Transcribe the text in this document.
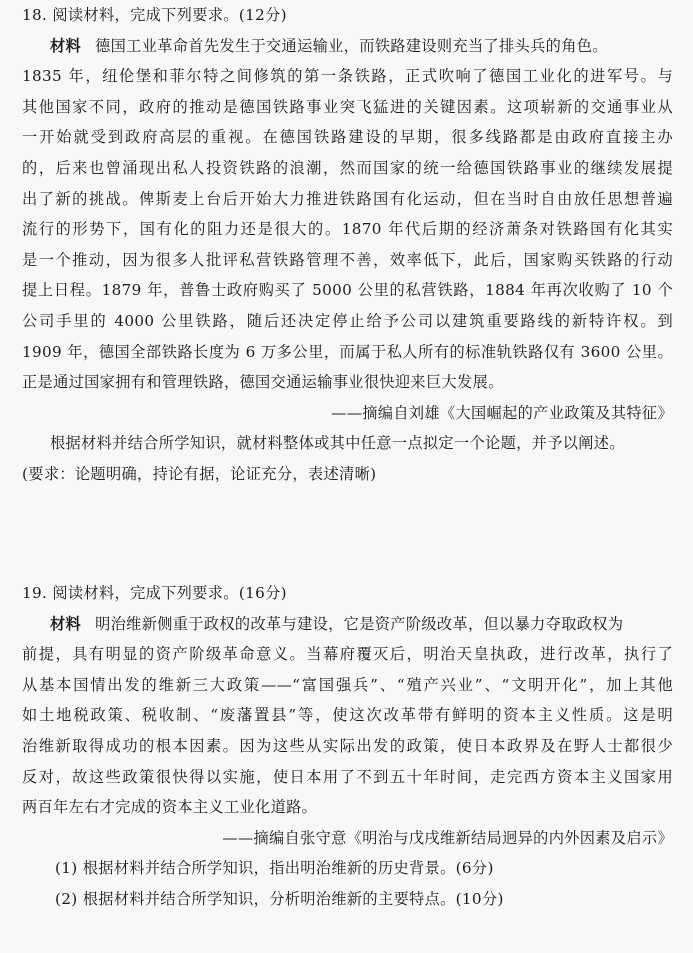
18. 阅读材料，完成下列要求。(12分)
材料 德国工业革命首先发生于交通运输业，而铁路建设则充当了排头兵的角色。
1835 年，纽伦堡和菲尔特之间修筑的第一条铁路，正式吹响了德国工业化的进军号。与
其他国家不同，政府的推动是德国铁路事业突飞猛进的关键因素。这项崭新的交通事业从
一开始就受到政府高层的重视。在德国铁路建设的早期，很多线路都是由政府直接主办
的，后来也曾涌现出私人投资铁路的浪潮，然而国家的统一给德国铁路事业的继续发展提
出了新的挑战。俾斯麦上台后开始大力推进铁路国有化运动，但在当时自由放任思想普遍
流行的形势下，国有化的阻力还是很大的。1870 年代后期的经济萧条对铁路国有化其实
是一个推动，因为很多人批评私营铁路管理不善，效率低下，此后，国家购买铁路的行动
提上日程。1879 年，普鲁士政府购买了 5000 公里的私营铁路，1884 年再次收购了 10 个
公司手里的 4000 公里铁路，随后还决定停止给予公司以建筑重要路线的新特许权。到
1909 年，德国全部铁路长度为 6 万多公里，而属于私人所有的标准轨铁路仅有 3600 公里。
正是通过国家拥有和管理铁路，德国交通运输事业很快迎来巨大发展。
——摘编自刘雄《大国崛起的产业政策及其特征》
根据材料并结合所学知识，就材料整体或其中任意一点拟定一个论题，并予以阐述。
(要求：论题明确，持论有据，论证充分，表述清晰)
19. 阅读材料，完成下列要求。(16分)
材料 明治维新侧重于政权的改革与建设，它是资产阶级改革，但以暴力夺取政权为
前提，具有明显的资产阶级革命意义。当幕府覆灭后，明治天皇执政，进行改革，执行了
从基本国情出发的维新三大政策——“富国强兵”、“殖产兴业”、“文明开化”，加上其他
如土地税政策、税收制、“废藩置县”等，使这次改革带有鲜明的资本主义性质。这是明
治维新取得成功的根本因素。因为这些从实际出发的政策，使日本政界及在野人士都很少
反对，故这些政策很快得以实施，使日本用了不到五十年时间，走完西方资本主义国家用
两百年左右才完成的资本主义工业化道路。
——摘编自张守意《明治与戊戌维新结局迥异的内外因素及启示》
(1) 根据材料并结合所学知识，指出明治维新的历史背景。(6分)
(2) 根据材料并结合所学知识，分析明治维新的主要特点。(10分)
